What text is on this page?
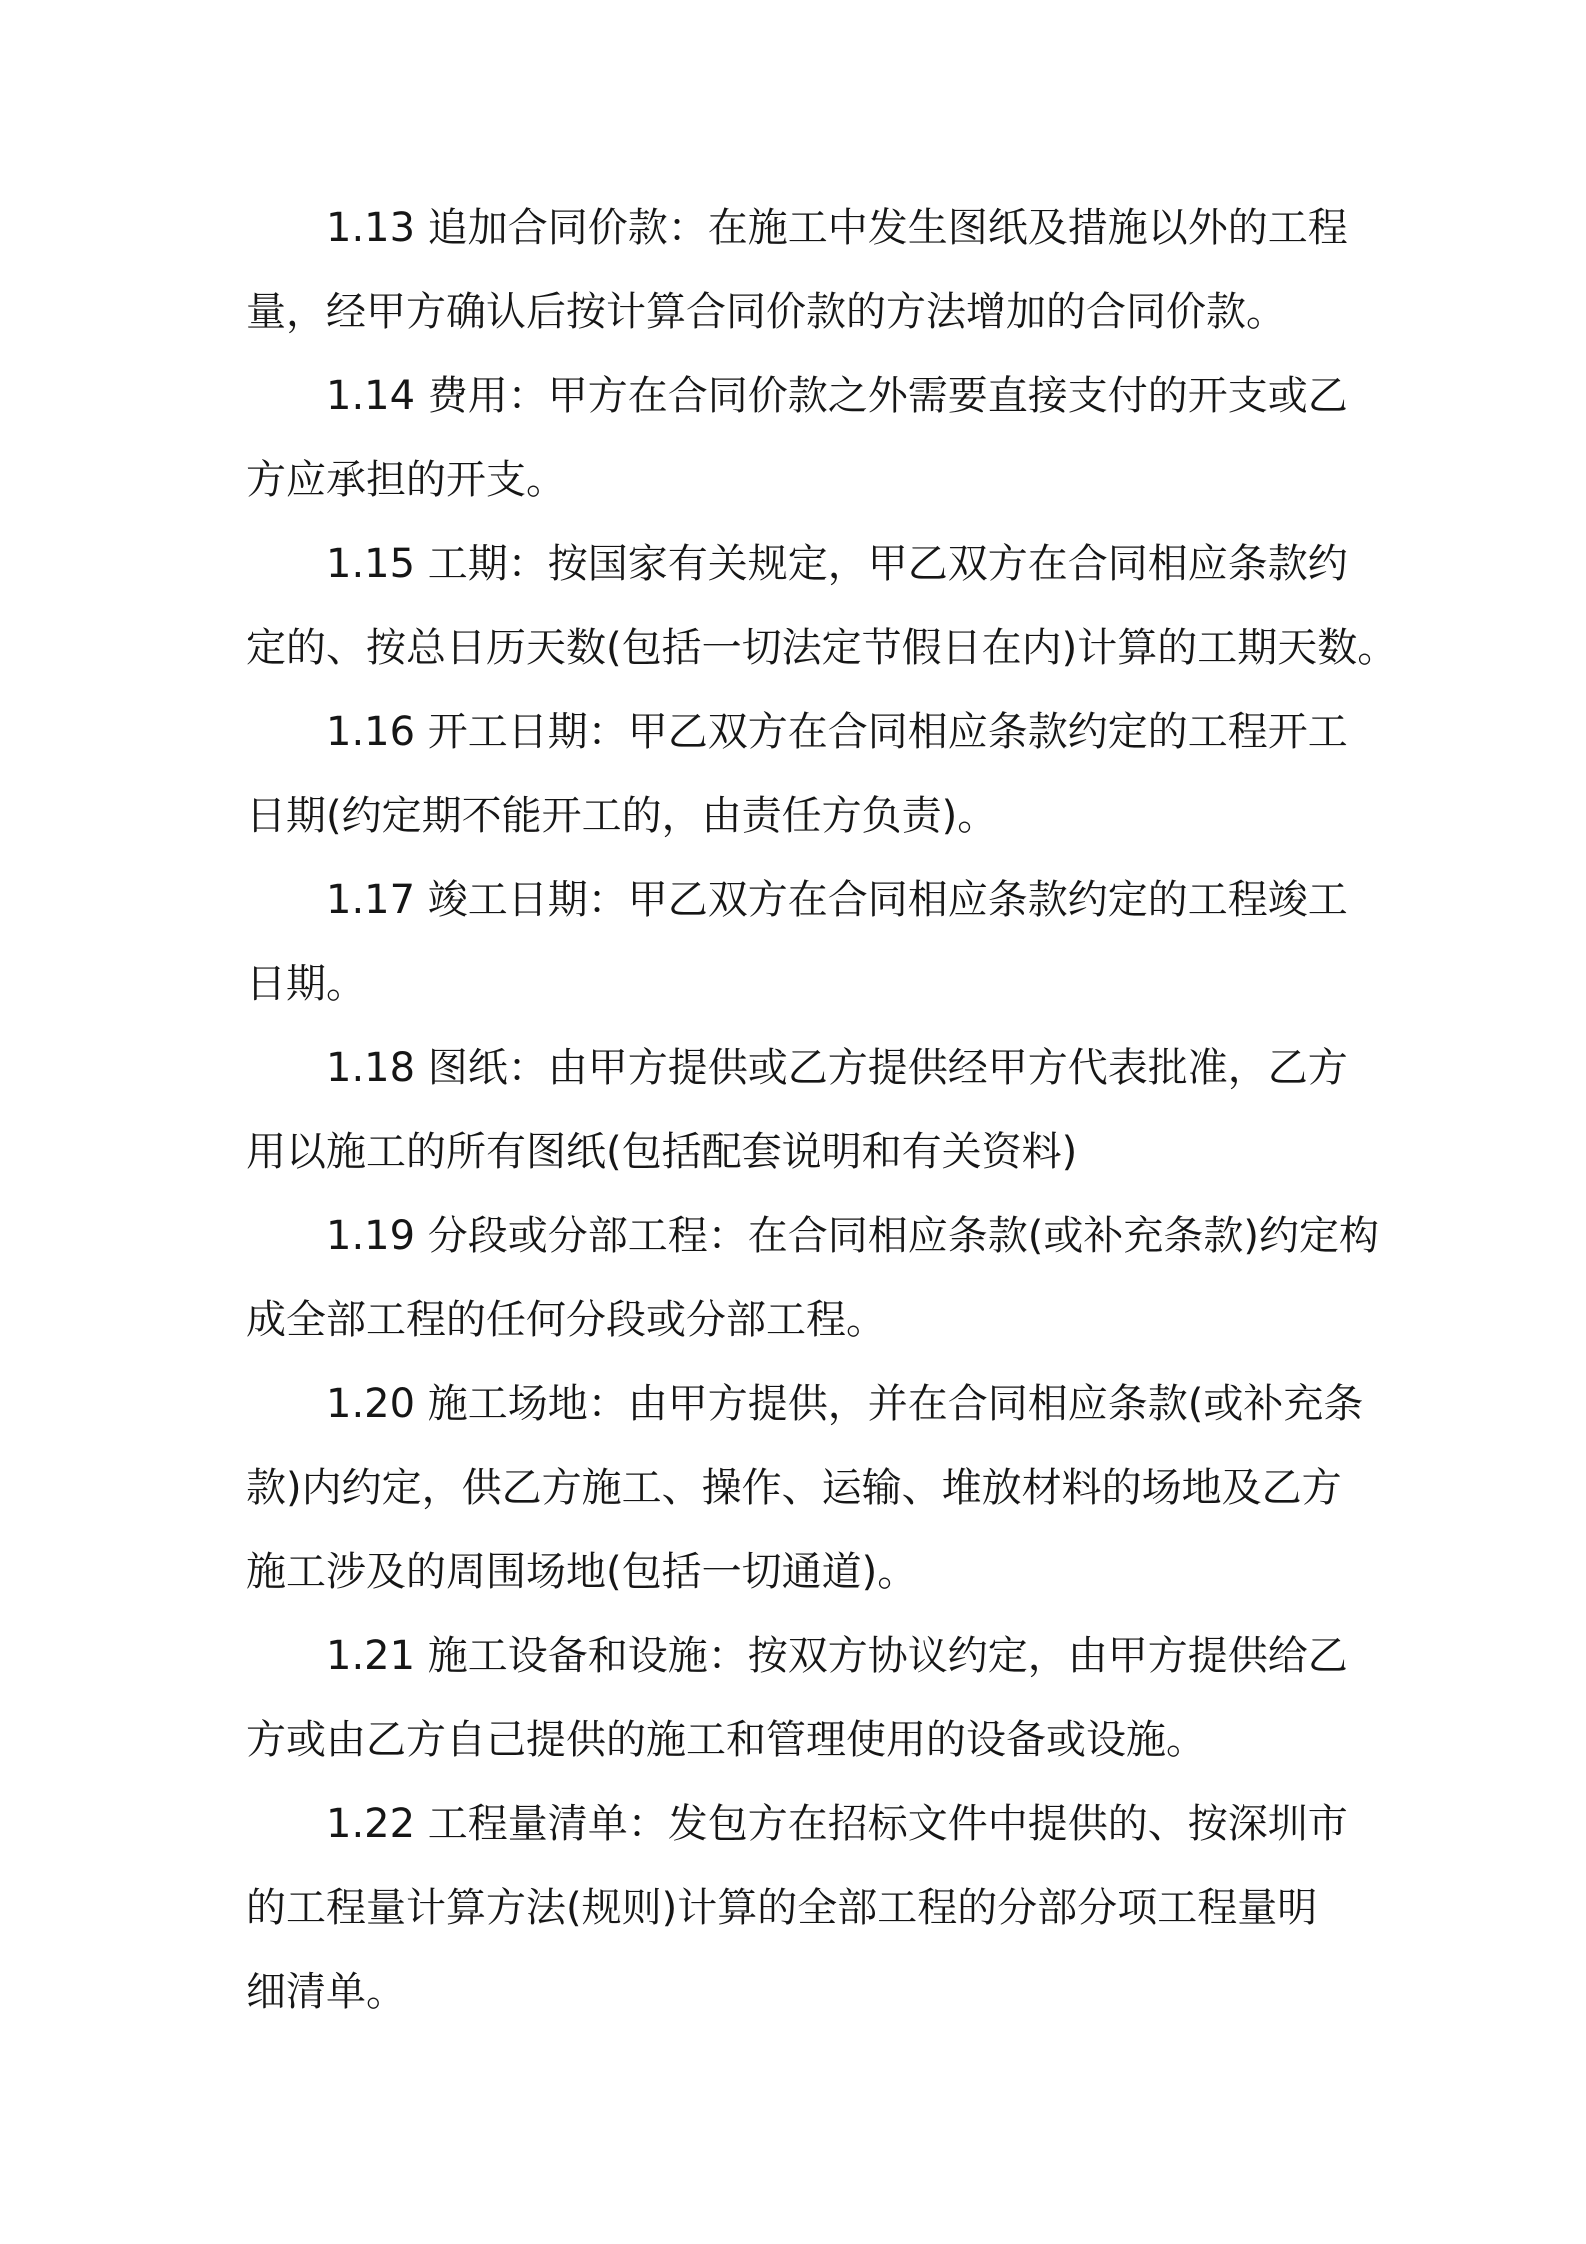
1.13 追加合同价款：在施工中发生图纸及措施以外的工程
量，经甲方确认后按计算合同价款的方法增加的合同价款。
1.14 费用：甲方在合同价款之外需要直接支付的开支或乙
方应承担的开支。
1.15 工期：按国家有关规定，甲乙双方在合同相应条款约
定的、按总日历天数(包括一切法定节假日在内)计算的工期天数。
1.16 开工日期：甲乙双方在合同相应条款约定的工程开工
日期(约定期不能开工的，由责任方负责)。
1.17 竣工日期：甲乙双方在合同相应条款约定的工程竣工
日期。
1.18 图纸：由甲方提供或乙方提供经甲方代表批准，乙方
用以施工的所有图纸(包括配套说明和有关资料)
1.19 分段或分部工程：在合同相应条款(或补充条款)约定构
成全部工程的任何分段或分部工程。
1.20 施工场地：由甲方提供，并在合同相应条款(或补充条
款)内约定，供乙方施工、操作、运输、堆放材料的场地及乙方
施工涉及的周围场地(包括一切通道)。
1.21 施工设备和设施：按双方协议约定，由甲方提供给乙
方或由乙方自己提供的施工和管理使用的设备或设施。
1.22 工程量清单：发包方在招标文件中提供的、按深圳市
的工程量计算方法(规则)计算的全部工程的分部分项工程量明
细清单。
